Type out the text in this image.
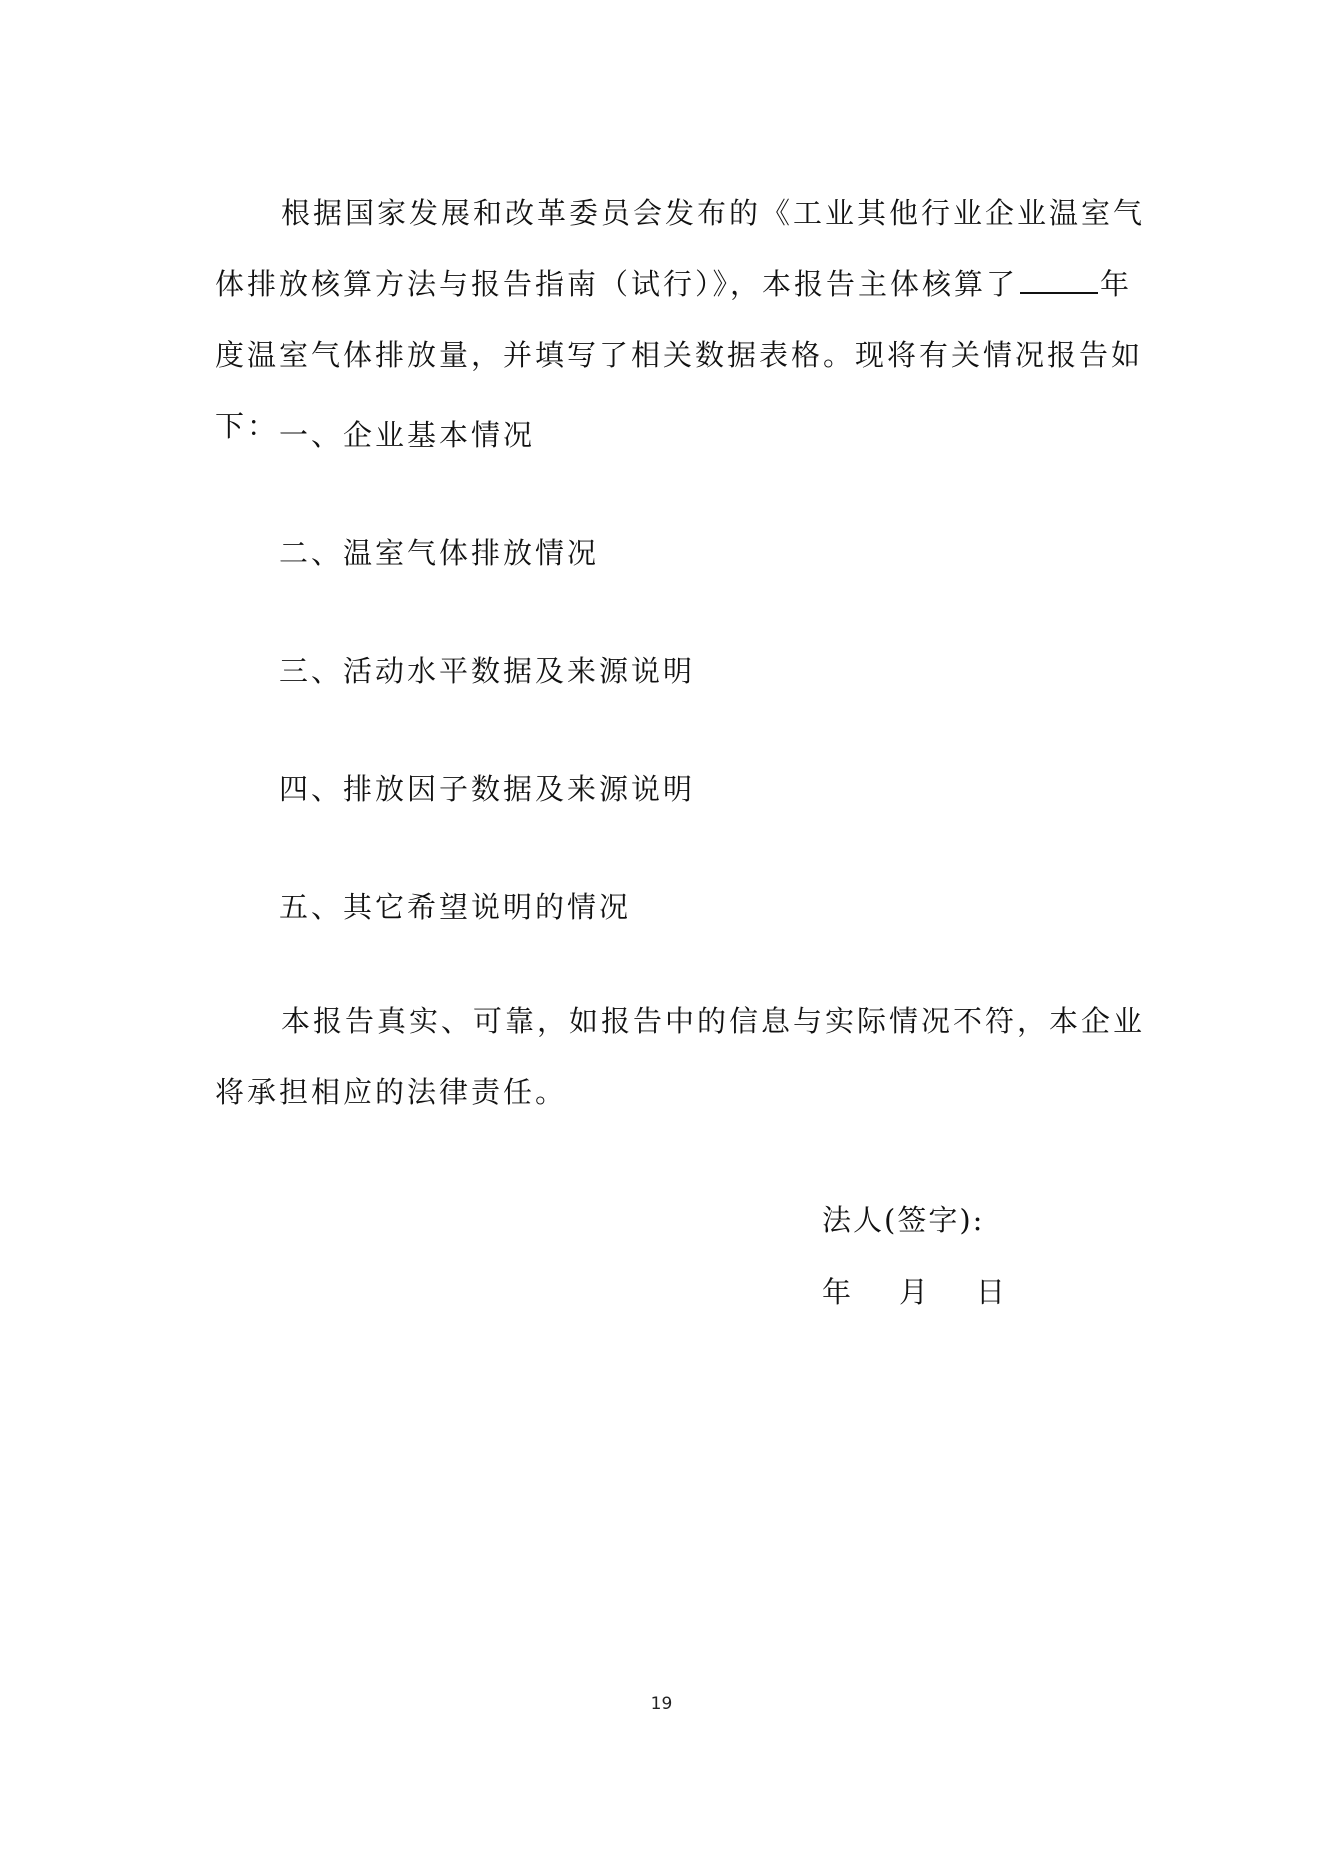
根据国家发展和改革委员会发布的《工业其他行业企业温室气体排放核算方法与报告指南（试行）》，本报告主体核算了	年度温室气体排放量，并填写了相关数据表格。现将有关情况报告如下： 一、企业基本情况

二、温室气体排放情况

三、活动水平数据及来源说明

四、排放因子数据及来源说明

五、其它希望说明的情况

本报告真实、可靠，如报告中的信息与实际情况不符，本企业将承担相应的法律责任。

法人(签字):

年 月 日

19
